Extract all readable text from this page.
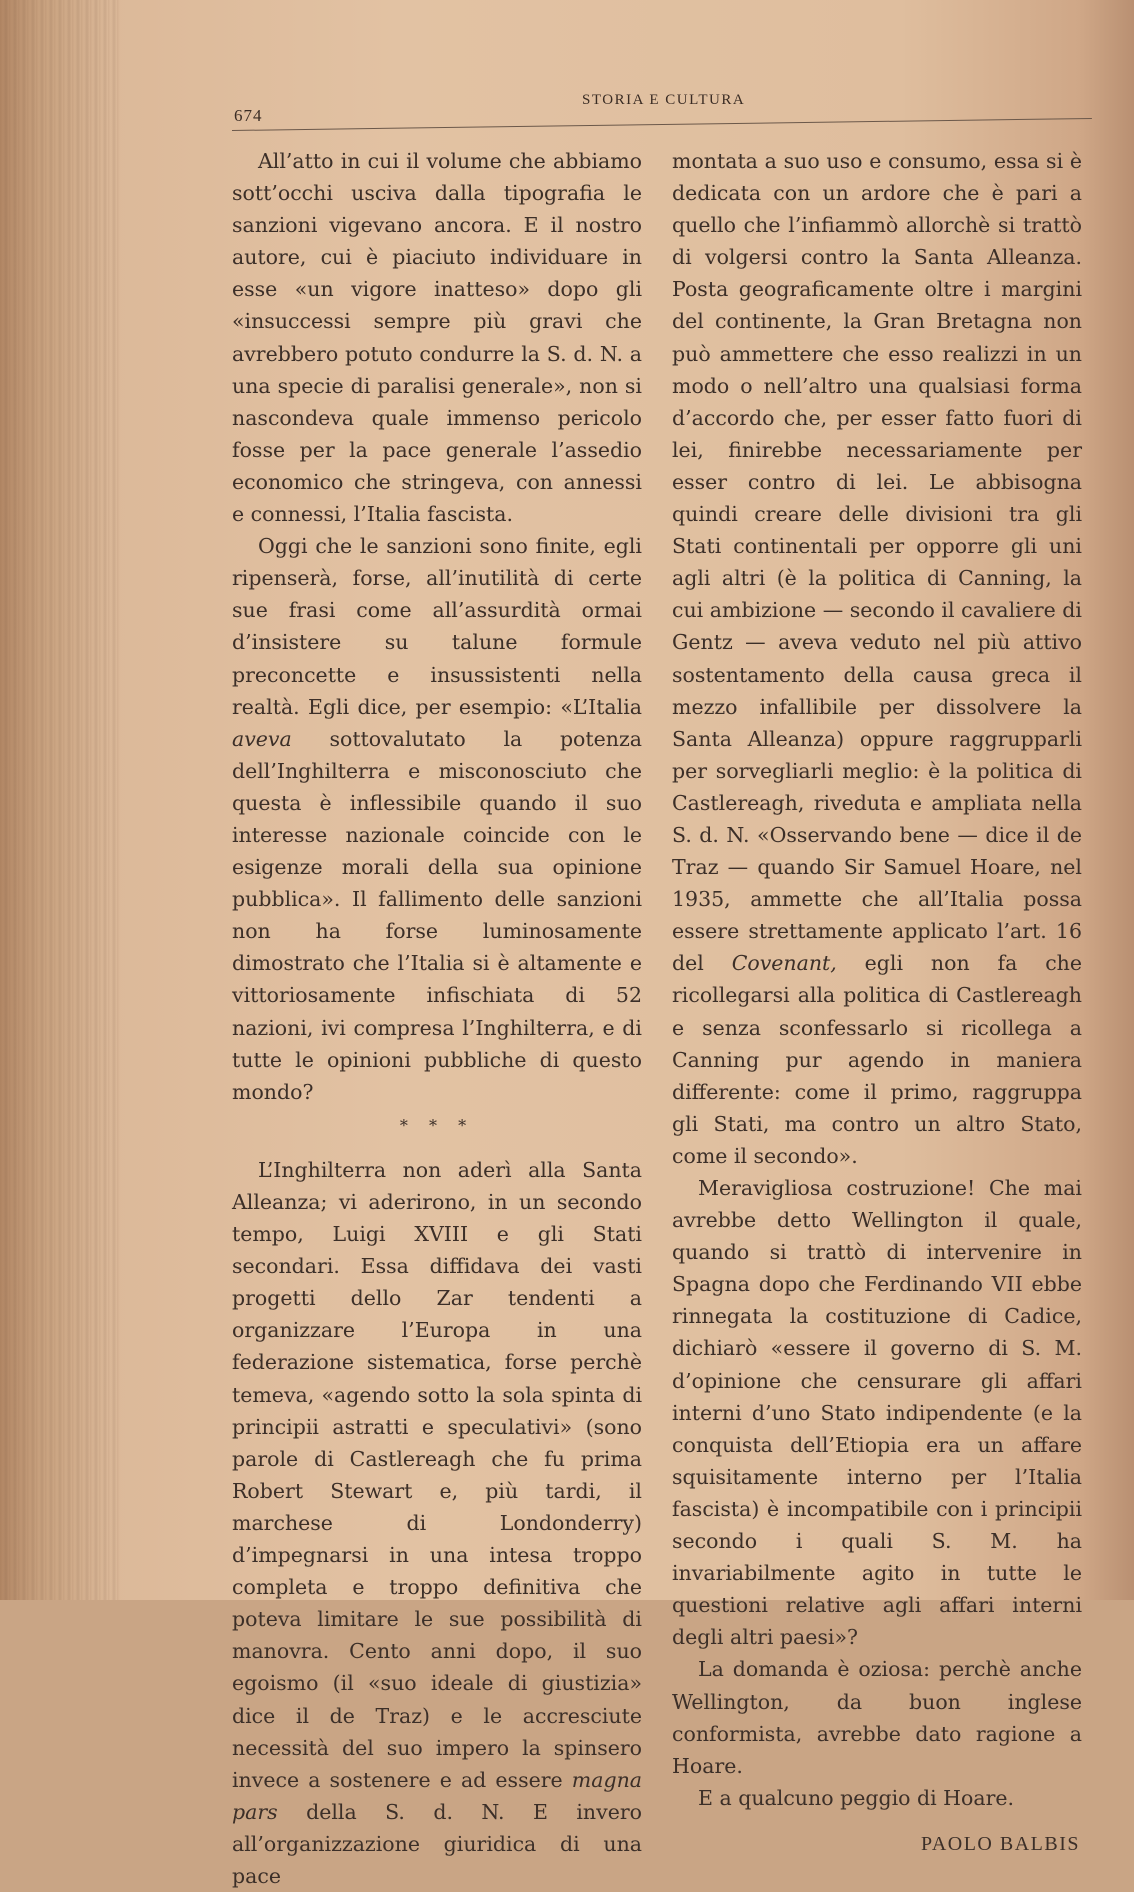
674
STORIA E CULTURA

All’atto in cui il volume che abbiamo sott’occhi usciva dalla tipografia le sanzioni vigevano ancora. E il nostro autore, cui è piaciuto individuare in esse «un vigore inatteso» dopo gli «insuccessi sempre più gravi che avrebbero potuto condurre la S. d. N. a una specie di paralisi generale», non si nascondeva quale immenso pericolo fosse per la pace generale l’assedio economico che stringeva, con annessi e connessi, l’Italia fascista.

Oggi che le sanzioni sono finite, egli ripenserà, forse, all’inutilità di certe sue frasi come all’assurdità ormai d’insistere su talune formule preconcette e insussistenti nella realtà. Egli dice, per esempio: «L’Italia aveva sottovalutato la potenza dell’Inghilterra e misconosciuto che questa è inflessibile quando il suo interesse nazionale coincide con le esigenze morali della sua opinione pubblica». Il fallimento delle sanzioni non ha forse luminosamente dimostrato che l’Italia si è altamente e vittoriosamente infischiata di 52 nazioni, ivi compresa l’Inghilterra, e di tutte le opinioni pubbliche di questo mondo?

* * *

L’Inghilterra non aderì alla Santa Alleanza; vi aderirono, in un secondo tempo, Luigi XVIII e gli Stati secondari. Essa diffidava dei vasti progetti dello Zar tendenti a organizzare l’Europa in una federazione sistematica, forse perchè temeva, «agendo sotto la sola spinta di principii astratti e speculativi» (sono parole di Castlereagh che fu prima Robert Stewart e, più tardi, il marchese di Londonderry) d’impegnarsi in una intesa troppo completa e troppo definitiva che poteva limitare le sue possibilità di manovra. Cento anni dopo, il suo egoismo (il «suo ideale di giustizia» dice il de Traz) e le accresciute necessità del suo impero la spinsero invece a sostenere e ad essere magna pars della S. d. N. E invero all’organizzazione giuridica di una pace

montata a suo uso e consumo, essa si è dedicata con un ardore che è pari a quello che l’infiammò allorchè si trattò di volgersi contro la Santa Alleanza. Posta geograficamente oltre i margini del continente, la Gran Bretagna non può ammettere che esso realizzi in un modo o nell’altro una qualsiasi forma d’accordo che, per esser fatto fuori di lei, finirebbe necessariamente per esser contro di lei. Le abbisogna quindi creare delle divisioni tra gli Stati continentali per opporre gli uni agli altri (è la politica di Canning, la cui ambizione — secondo il cavaliere di Gentz — aveva veduto nel più attivo sostentamento della causa greca il mezzo infallibile per dissolvere la Santa Alleanza) oppure raggrupparli per sorvegliarli meglio: è la politica di Castlereagh, riveduta e ampliata nella S. d. N. «Osservando bene — dice il de Traz — quando Sir Samuel Hoare, nel 1935, ammette che all’Italia possa essere strettamente applicato l’art. 16 del Covenant, egli non fa che ricollegarsi alla politica di Castlereagh e senza sconfessarlo si ricollega a Canning pur agendo in maniera differente: come il primo, raggruppa gli Stati, ma contro un altro Stato, come il secondo».

Meravigliosa costruzione! Che mai avrebbe detto Wellington il quale, quando si trattò di intervenire in Spagna dopo che Ferdinando VII ebbe rinnegata la costituzione di Cadice, dichiarò «essere il governo di S. M. d’opinione che censurare gli affari interni d’uno Stato indipendente (e la conquista dell’Etiopia era un affare squisitamente interno per l’Italia fascista) è incompatibile con i principii secondo i quali S. M. ha invariabilmente agito in tutte le questioni relative agli affari interni degli altri paesi»?

La domanda è oziosa: perchè anche Wellington, da buon inglese conformista, avrebbe dato ragione a Hoare.

E a qualcuno peggio di Hoare.

PAOLO BALBIS
